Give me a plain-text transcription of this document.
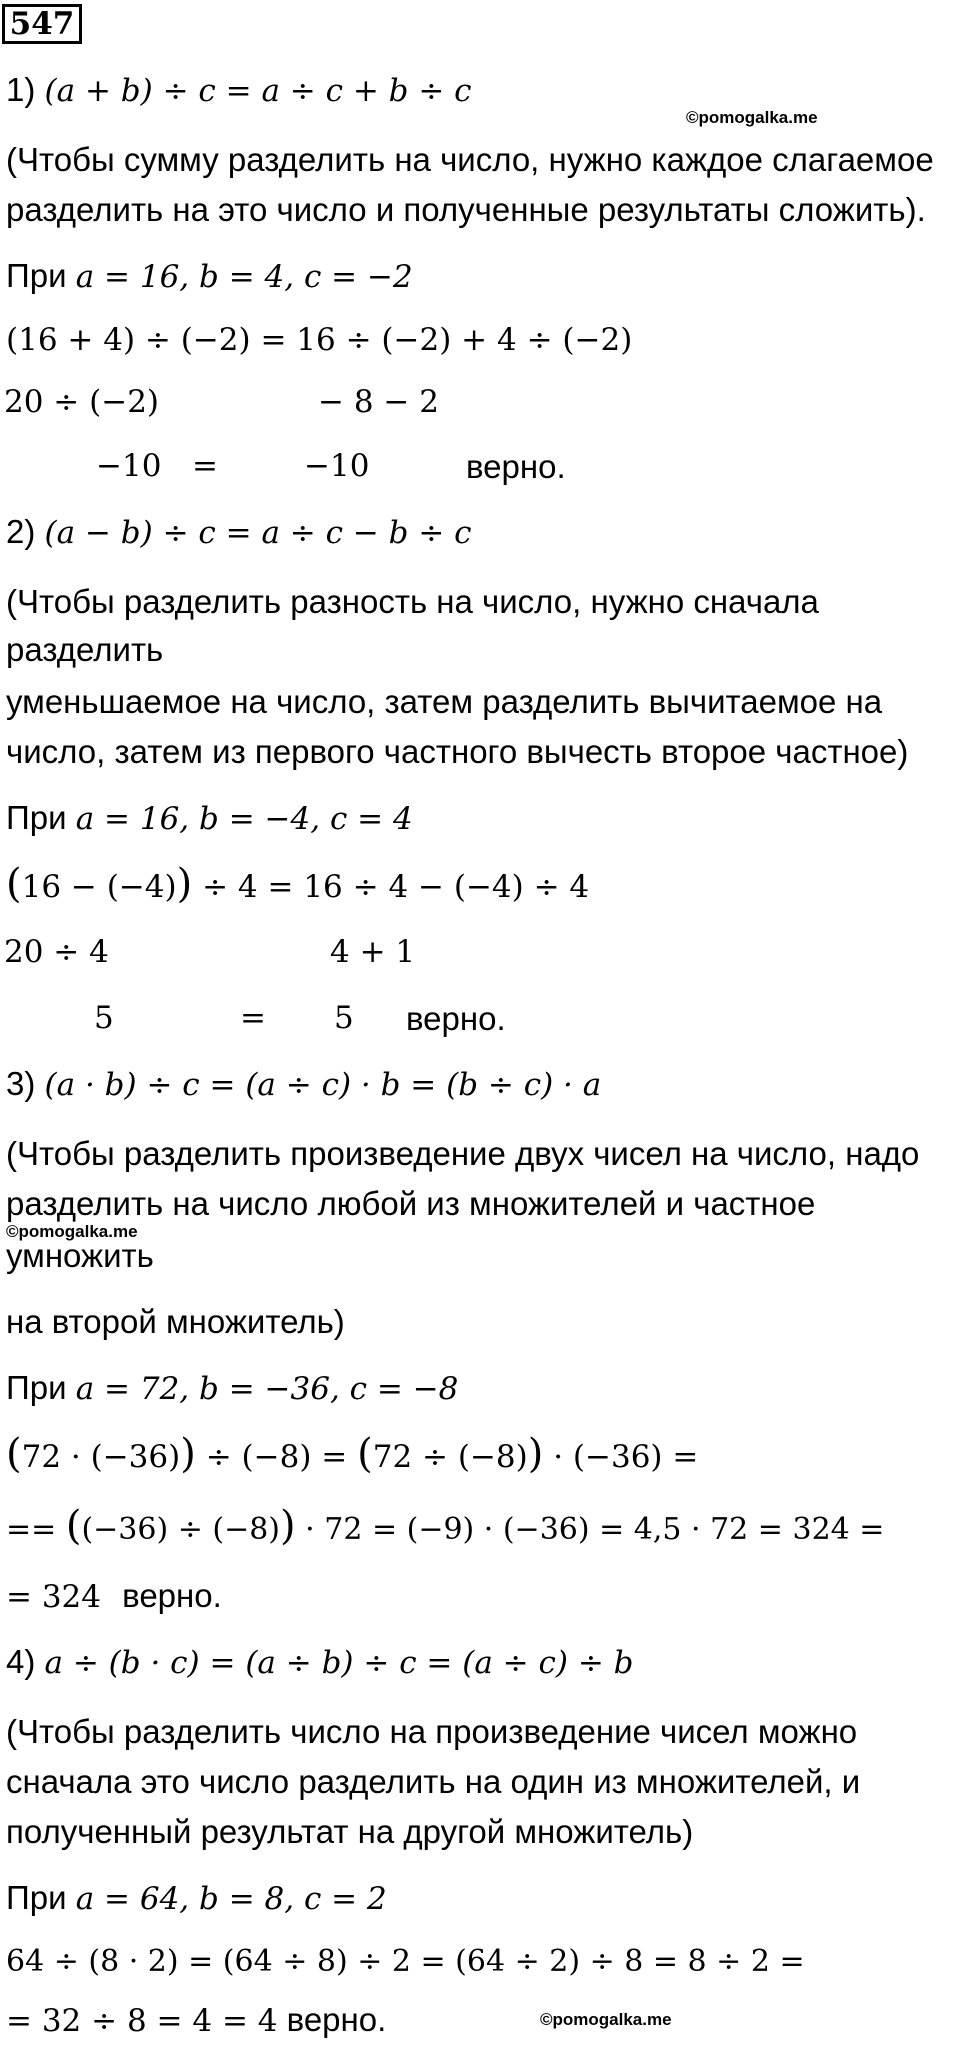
547
©pomogalka.me
©pomogalka.me
©pomogalka.me
1) (a + b) ÷ c = a ÷ c + b ÷ c
(Чтобы сумму разделить на число, нужно каждое слагаемое
разделить на это число и полученные результаты сложить).
При a = 16, b = 4, c = −2
(16 + 4) ÷ (−2) = 16 ÷ (−2) + 4 ÷ (−2)
20 ÷ (−2)	− 8 − 2
−10 =	−10	верно.
2) (a − b) ÷ c = a ÷ c − b ÷ c
(Чтобы разделить разность на число, нужно сначала
разделить
уменьшаемое на число, затем разделить вычитаемое на
число, затем из первого частного вычесть второе частное)
При a = 16, b = −4, c = 4
(16 − (−4)) ÷ 4 = 16 ÷ 4 − (−4) ÷ 4
20 ÷ 4	4 + 1
5	= 5 верно.
3) (a · b) ÷ c = (a ÷ c) · b = (b ÷ c) · a
(Чтобы разделить произведение двух чисел на число, надо
разделить на число любой из множителей и частное
умножить
на второй множитель)
При a = 72, b = −36, c = −8
(72 · (−36)) ÷ (−8) = (72 ÷ (−8)) · (−36) =
== ((−36) ÷ (−8)) · 72 = (−9) · (−36) = 4,5 · 72 = 324 =
= 324 верно.
4) a ÷ (b · c) = (a ÷ b) ÷ c = (a ÷ c) ÷ b
(Чтобы разделить число на произведение чисел можно
сначала это число разделить на один из множителей, и
полученный результат на другой множитель)
При a = 64, b = 8, c = 2
64 ÷ (8 · 2) = (64 ÷ 8) ÷ 2 = (64 ÷ 2) ÷ 8 = 8 ÷ 2 =
= 32 ÷ 8 = 4 = 4 верно.
